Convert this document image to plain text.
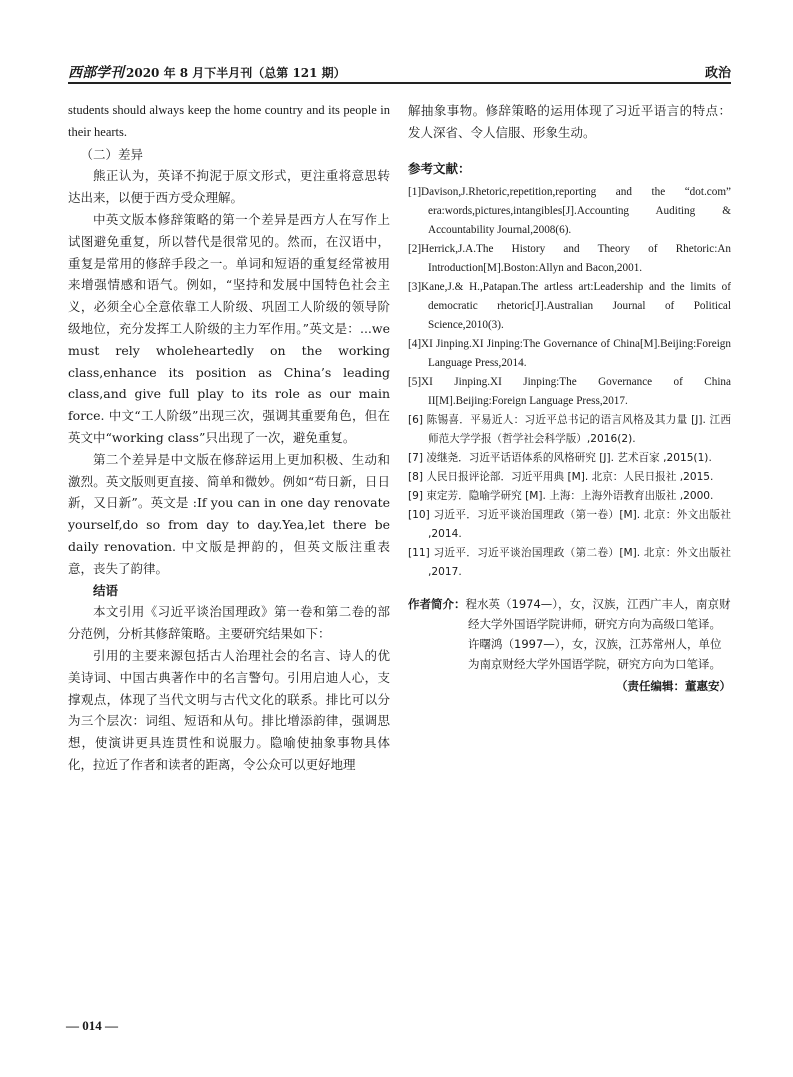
西部学刊 2020 年 8 月下半月刊（总第 121 期）	政治

students should always keep the home country and its people in their hearts.

（二）差异

熊正认为，英译不拘泥于原文形式，更注重将意思转达出来，以便于西方受众理解。

中英文版本修辞策略的第一个差异是西方人在写作上试图避免重复，所以替代是很常见的。然而，在汉语中，重复是常用的修辞手段之一。单词和短语的重复经常被用来增强情感和语气。例如，“坚持和发展中国特色社会主义，必须全心全意依靠工人阶级、巩固工人阶级的领导阶级地位，充分发挥工人阶级的主力军作用。”英文是：...we must rely wholeheartedly on the working class,enhance its position as China’s leading class,and give full play to its role as our main force. 中文“工人阶级”出现三次，强调其重要角色，但在英文中“working class”只出现了一次，避免重复。

第二个差异是中文版在修辞运用上更加积极、生动和激烈。英文版则更直接、简单和微妙。例如“苟日新，日日新，又日新”。英文是 :If you can in one day renovate yourself,do so from day to day.Yea,let there be daily renovation. 中文版是押韵的，但英文版注重表意，丧失了韵律。

结语

本文引用《习近平谈治国理政》第一卷和第二卷的部分范例，分析其修辞策略。主要研究结果如下：

引用的主要来源包括古人治理社会的名言、诗人的优美诗词、中国古典著作中的名言警句。引用启迪人心，支撑观点，体现了当代文明与古代文化的联系。排比可以分为三个层次：词组、短语和从句。排比增添韵律，强调思想，使演讲更具连贯性和说服力。隐喻使抽象事物具体化，拉近了作者和读者的距离，令公众可以更好地理

解抽象事物。修辞策略的运用体现了习近平语言的特点：发人深省、令人信服、形象生动。

参考文献：
[1]Davison,J.Rhetoric,repetition,reporting and the “dot.com” era:words,pictures,intangibles[J].Accounting Auditing & Accountability Journal,2008(6).
[2]Herrick,J.A.The History and Theory of Rhetoric:An Introduction[M].Boston:Allyn and Bacon,2001.
[3]Kane,J.& H.,Patapan.The artless art:Leadership and the limits of democratic rhetoric[J].Australian Journal of Political Science,2010(3).
[4]XI Jinping.XI Jinping:The Governance of China[M].Beijing:Foreign Language Press,2014.
[5]XI Jinping.XI Jinping:The Governance of China II[M].Beijing:Foreign Language Press,2017.
[6] 陈锡喜．平易近人：习近平总书记的语言风格及其力量 [J]. 江西师范大学学报（哲学社会科学版）,2016(2).
[7] 凌继尧．习近平话语体系的风格研究 [J]. 艺术百家 ,2015(1).
[8] 人民日报评论部．习近平用典 [M]. 北京：人民日报社 ,2015.
[9] 束定芳．隐喻学研究 [M]. 上海：上海外语教育出版社 ,2000.
[10] 习近平．习近平谈治国理政（第一卷）[M]. 北京：外文出版社 ,2014.
[11] 习近平．习近平谈治国理政（第二卷）[M]. 北京：外文出版社 ,2017.
作者简介：程水英（1974—），女，汉族，江西广丰人，南京财经大学外国语学院讲师，研究方向为高级口笔译。
许曙鸿（1997—），女，汉族，江苏常州人，单位为南京财经大学外国语学院，研究方向为口笔译。
（责任编辑：董惠安）
— 014 —
